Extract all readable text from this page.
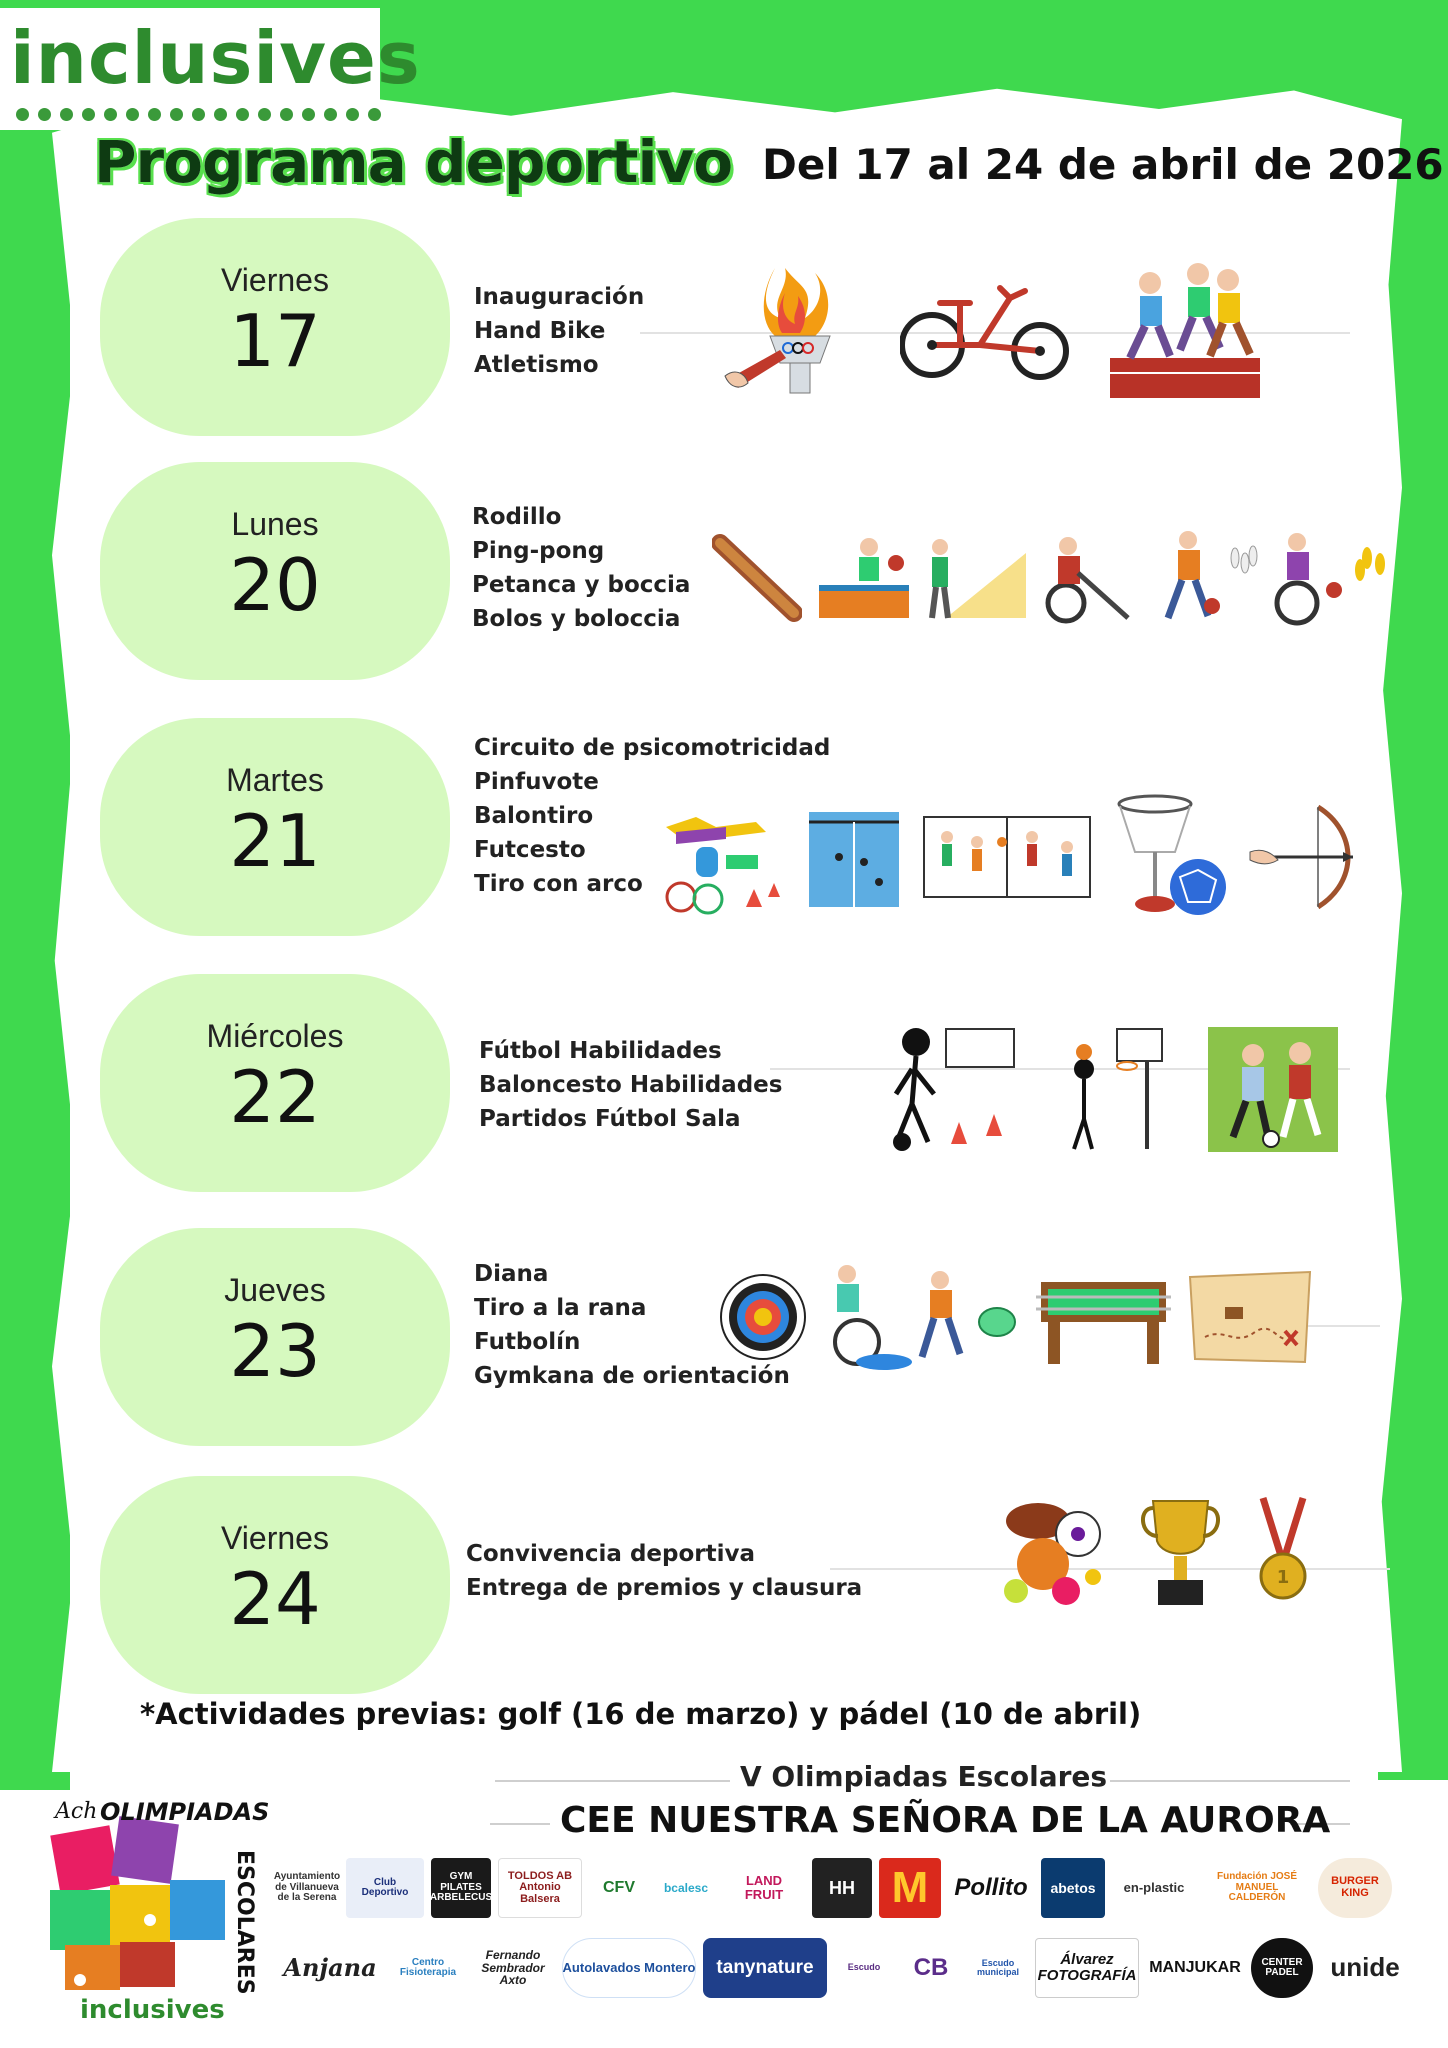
inclusives
Programa deportivo Del 17 al 24 de abril de 2026
Viernes
17
Inauguración
Hand Bike
Atletismo
Lunes
20
Rodillo
Ping-pong
Petanca y boccia
Bolos y boloccia
Martes
21
Circuito de psicomotricidad
Pinfuvote
Balontiro
Futcesto
Tiro con arco
Miércoles
22
Fútbol Habilidades
Baloncesto Habilidades
Partidos Fútbol Sala
Jueves
23
Diana
Tiro a la rana
Futbolín
Gymkana de orientación
Viernes
24
Convivencia deportiva
Entrega de premios y clausura	1
*Actividades previas: golf (16 de marzo) y pádel (10 de abril)
V Olimpiadas Escolares
CEE NUESTRA SEÑORA DE LA AURORA
Ach OLIMPIADAS
ESCOLARES
inclusives
Ayuntamiento de Villanueva de la Serena
Club Deportivo
GYM PILATES ARBELECUS
TOLDOS AB Antonio Balsera
CFV	bcalesc	LAND FRUIT	HH M	Pollito	abetos	en-plastic
Fundación JOSÉ MANUEL CALDERÓN
BURGER KING
Anjana	Centro Fisioterapia
Fernando Sembrador Axto
Autolavados Montero	tanynature	Escudo	CB	Escudo municipal
Álvarez FOTOGRAFÍA MANJUKAR	CENTER PADEL	unide
